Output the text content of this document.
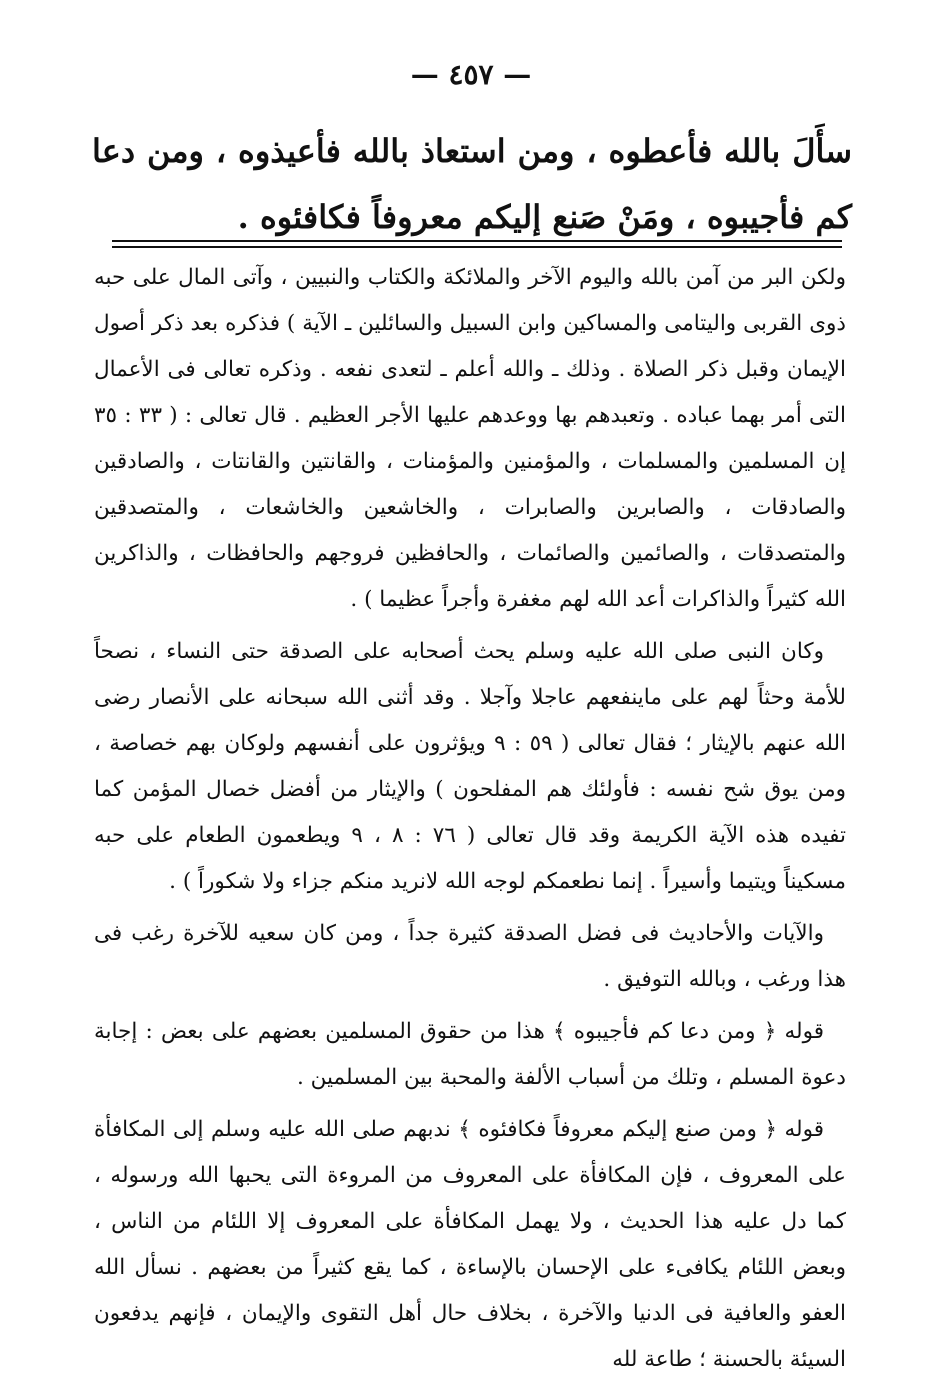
— ٤٥٧ —

سأَلَ بالله فأعطوه ، ومن استعاذ بالله فأعيذوه ، ومن دعا كم فأجيبوه ، ومَنْ صَنع إليكم معروفاً فكافئوه .

ولكن البر من آمن بالله واليوم الآخر والملائكة والكتاب والنبيين ، وآتى المال على حبه ذوى القربى واليتامى والمساكين وابن السبيل والسائلين ـ الآية ) فذكره بعد ذكر أصول الإيمان وقبل ذكر الصلاة . وذلك ـ والله أعلم ـ لتعدى نفعه . وذكره تعالى فى الأعمال التى أمر بهما عباده . وتعبدهم بها ووعدهم عليها الأجر العظيم . قال تعالى : ( ٣٣ : ٣٥ إن المسلمين والمسلمات ، والمؤمنين والمؤمنات ، والقانتين والقانتات ، والصادقين والصادقات ، والصابرين والصابرات ، والخاشعين والخاشعات ، والمتصدقين والمتصدقات ، والصائمين والصائمات ، والحافظين فروجهم والحافظات ، والذاكرين الله كثيراً والذاكرات أعد الله لهم مغفرة وأجراً عظيما ) .

وكان النبى صلى الله عليه وسلم يحث أصحابه على الصدقة حتى النساء ، نصحاً للأمة وحثاً لهم على ماينفعهم عاجلا وآجلا . وقد أثنى الله سبحانه على الأنصار رضى الله عنهم بالإيثار ؛ فقال تعالى ( ٥٩ : ٩ ويؤثرون على أنفسهم ولوكان بهم خصاصة ، ومن يوق شح نفسه : فأولئك هم المفلحون ) والإيثار من أفضل خصال المؤمن كما تفيده هذه الآية الكريمة وقد قال تعالى ( ٧٦ : ٨ ، ٩ ويطعمون الطعام على حبه مسكيناً ويتيما وأسيراً . إنما نطعمكم لوجه الله لانريد منكم جزاء ولا شكوراً ) .

والآيات والأحاديث فى فضل الصدقة كثيرة جداً ، ومن كان سعيه للآخرة رغب فى هذا ورغب ، وبالله التوفيق .

قوله ﴿ ومن دعا كم فأجيبوه ﴾ هذا من حقوق المسلمين بعضهم على بعض : إجابة دعوة المسلم ، وتلك من أسباب الألفة والمحبة بين المسلمين .

قوله ﴿ ومن صنع إليكم معروفاً فكافئوه ﴾ ندبهم صلى الله عليه وسلم إلى المكافأة على المعروف ، فإن المكافأة على المعروف من المروءة التى يحبها الله ورسوله ، كما دل عليه هذا الحديث ، ولا يهمل المكافأة على المعروف إلا اللئام من الناس ، وبعض اللئام يكافىء على الإحسان بالإساءة ، كما يقع كثيراً من بعضهم . نسأل الله العفو والعافية فى الدنيا والآخرة ، بخلاف حال أهل التقوى والإيمان ، فإنهم يدفعون السيئة بالحسنة ؛ طاعة لله
